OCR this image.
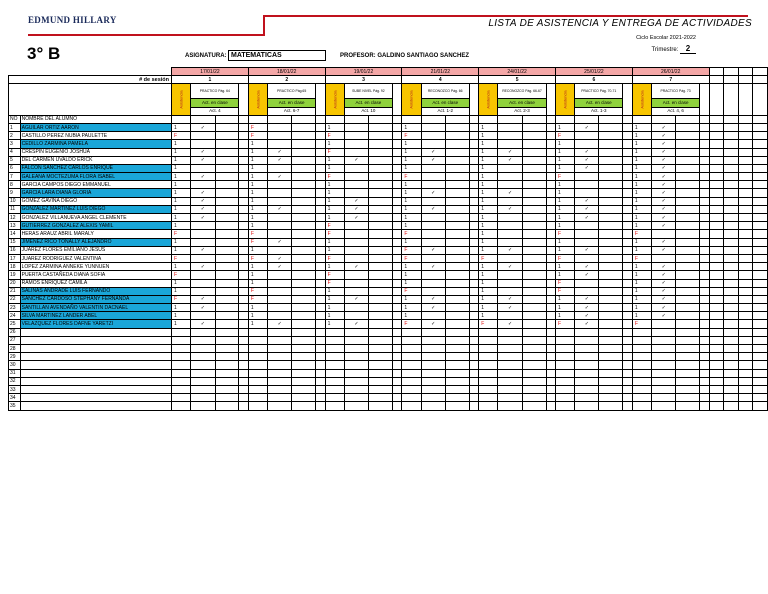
EDMUND HILLARY	LISTA DE ASISTENCIA Y ENTREGA DE ACTIVIDADES
Ciclo Escolar 2021-2022
Trimestre: 2
3° B	ASIGNATURA: MATEMATICAS	PROFESOR: GALDINO SANTIAGO SANCHEZ
		17/01/22				18/01/22				19/01/22				21/01/22				24/01/22				25/01/22				26/01/22							
# de sesión		1				2				3				4				5				6				7							
		Asistencia	PRACTICO Pág. 64			Asistencia	PRACTICO Pág.65			Asistencia	SUBE NIVEL Pág. 92			Asistencia	RECONOZCO Pág. 66			Asistencia	RECONOZCO Pág. 66-67			Asistencia	PRACTICO Pág. 70-71			Asistencia	PRACTICO Pág. 73						
			Act. en clase				Act. en clase				Act. en clase				Act. en clase				Act. en clase				Act. en clase				Act. en clase						
			Act. 4				Act. 6-7				Act. 10				Act. 1-2				Act. 2-3				Act. 1-3				Act. 4, 6						
NO	NOMBRE DEL ALUMNO																																
1	AGUILAR ORTIZ AARON	1	✓			F				1				1				1				1	✓			1	✓						
2	CASTILLO PEREZ NUBIA PAULETTE	F				F				F				F				1				F				1	✓						
3	CEDILLO ZARMINA PAMELA	1				1				1				1				1				1				1	✓						
4	CRESPIN EUGENIO JOSHUA	1	✓			1	✓			F				1	✓			1	✓			1	✓			1	✓						
5	DEL CARMEN UVALDO ERICK	1	✓			1	✓			1	✓			1	✓			1	✓			1	✓			1	✓						
6	FALCON SANCHEZ CARLOS ENRIQUE	1				1				1				1				1				1	✓			1	✓						
7	GALEANA MOCTEZUMA FLORA ISABEL	1	✓			1	✓			F				F				1				F				1	✓						
8	GARCIA CAMPOS DIEGO EMMANUEL	1				1				1				1				1				1				1	✓						
9	GARCIA LARA DIANA GLORIA	1	✓			1				1				1	✓			1	✓			1				1	✓						
10	GOMEZ GAVIÑA DIEGO	1	✓			1				1	✓			1				1				1	✓			1	✓						
11	GONZALEZ MARTINEZ LUIS DIEGO	1	✓			1	✓			1	✓			1	✓			1	✓			1	✓			1	✓						
12	GONZALEZ VILLANUEVA ANGEL CLEMENTE	1	✓			1				1	✓			1				1				1	✓			1	✓						
13	GUTIERREZ GONZALEZ ALEXIS YAMIL	1				1				F				1				1				1				1	✓						
14	HERAS ARAUZ ABRIL MARALY	F				F				F				F				1				F				F							
15	JIMENEZ RICO TONALLY ALEJANDRO	1				F	✓			1				1				1				1				1	✓						
16	JUAREZ FLORES EMILIANO JESUS	1	✓			1				1				F	✓			1	✓			1	✓			1	✓						
17	JUAREZ RODRIGUEZ VALENTINA	F				F	✓			F				F				F				F				F							
18	LOPEZ ZARMINA ANNEKE YUNNUEN	1	✓			1	✓			1	✓			1	✓			1	✓			1	✓			1	✓						
19	PUERTA CASTAÑEDA DIANA SOFIA	F				1				F				1				1				1	✓			1	✓						
20	RAMOS ENRIQUEZ CAMILA	1				1				F				1				1				F				1	✓						
21	SALINAS ANDRADE LUIS FERNANDO	1				F				1				F				1				F				1	✓						
22	SANCHEZ CARDOSO STEPHANY FERNANDA	F	✓			F				1	✓			1	✓			1	✓			1	✓			1	✓						
23	SANTILLAN AVENDAÑO VALENTIN DACNAEL	1	✓			1				1				1	✓			1	✓			1	✓			1	✓						
24	SILVA MARTINEZ LANDER ABEL	1				1				1				1				1				1	✓			1	✓						
25	VELAZQUEZ FLORES DAFNE YARETZI	1	✓			1	✓			1	✓			F	✓			F	✓			F	✓			F							
26																																	
27																																	
28																																	
29																																	
30																																	
31																																	
32																																	
33																																	
34																																	
35																																	
